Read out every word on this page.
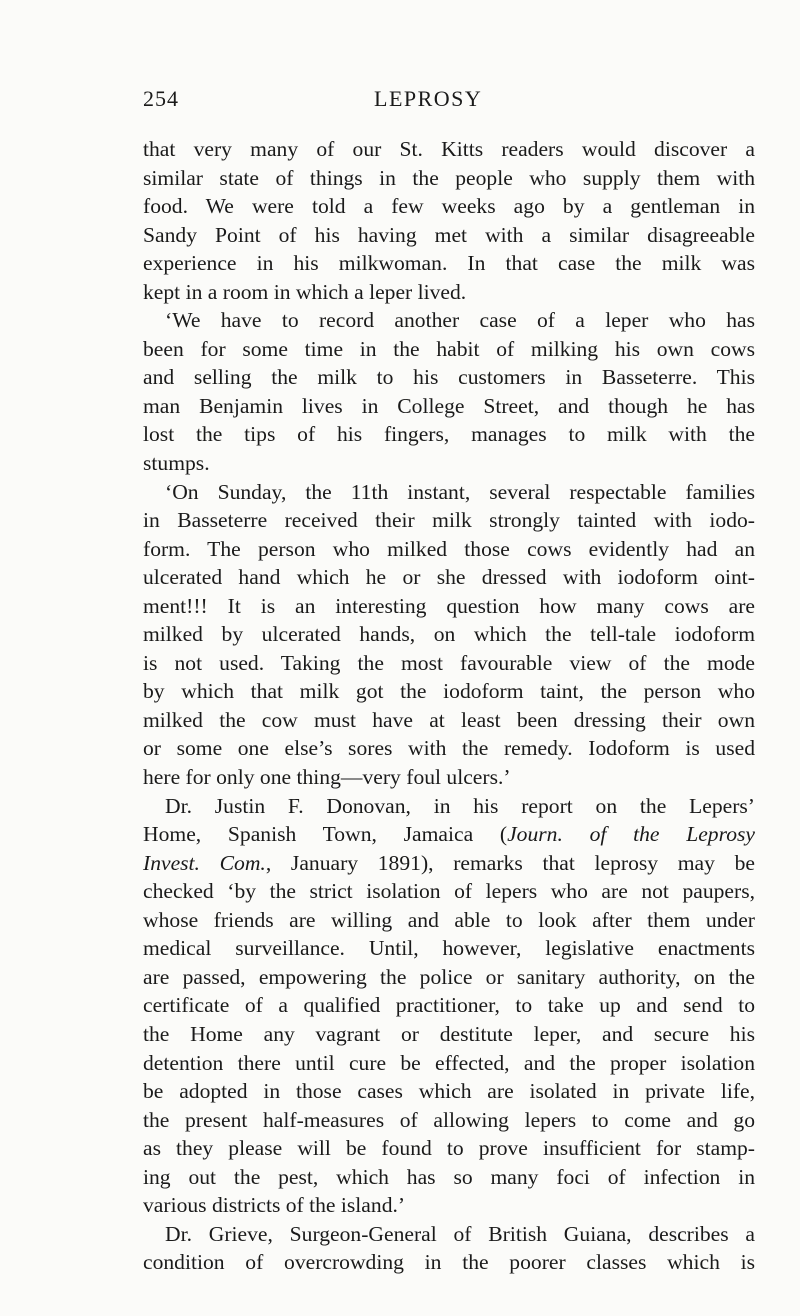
254	LEPROSY
that very many of our St. Kitts readers would discover a
similar state of things in the people who supply them with
food. We were told a few weeks ago by a gentleman in
Sandy Point of his having met with a similar disagreeable
experience in his milkwoman. In that case the milk was
kept in a room in which a leper lived.
‘We have to record another case of a leper who has
been for some time in the habit of milking his own cows
and selling the milk to his customers in Basseterre. This
man Benjamin lives in College Street, and though he has
lost the tips of his fingers, manages to milk with the
stumps.
‘On Sunday, the 11th instant, several respectable families
in Basseterre received their milk strongly tainted with iodo-
form. The person who milked those cows evidently had an
ulcerated hand which he or she dressed with iodoform oint-
ment!!! It is an interesting question how many cows are
milked by ulcerated hands, on which the tell-tale iodoform
is not used. Taking the most favourable view of the mode
by which that milk got the iodoform taint, the person who
milked the cow must have at least been dressing their own
or some one else’s sores with the remedy. Iodoform is used
here for only one thing—very foul ulcers.’
Dr. Justin F. Donovan, in his report on the Lepers’
Home, Spanish Town, Jamaica (Journ. of the Leprosy
Invest. Com., January 1891), remarks that leprosy may be
checked ‘by the strict isolation of lepers who are not paupers,
whose friends are willing and able to look after them under
medical surveillance. Until, however, legislative enactments
are passed, empowering the police or sanitary authority, on the
certificate of a qualified practitioner, to take up and send to
the Home any vagrant or destitute leper, and secure his
detention there until cure be effected, and the proper isolation
be adopted in those cases which are isolated in private life,
the present half-measures of allowing lepers to come and go
as they please will be found to prove insufficient for stamp-
ing out the pest, which has so many foci of infection in
various districts of the island.’
Dr. Grieve, Surgeon-General of British Guiana, describes a
condition of overcrowding in the poorer classes which is
